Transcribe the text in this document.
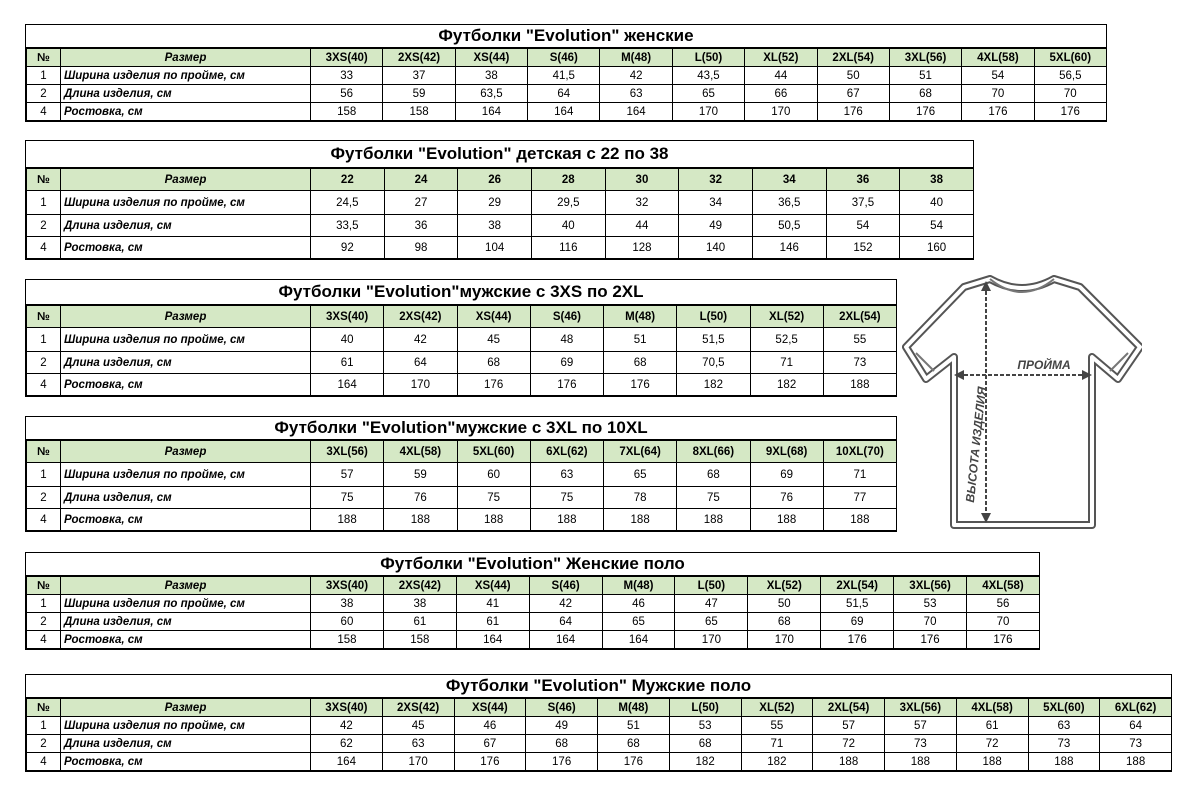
Футболки "Evolution" женские
№	Размер	3XS(40)	2XS(42)	XS(44)	S(46)	M(48)	L(50)	XL(52)	2XL(54)	3XL(56)	4XL(58)	5XL(60)
1	Ширина изделия по пройме, см	33	37	38	41,5	42	43,5	44	50	51	54	56,5
2	Длина изделия, см	56	59	63,5	64	63	65	66	67	68	70	70
4	Ростовка, см	158	158	164	164	164	170	170	176	176	176	176
Футболки "Evolution" детская с 22 по 38
№	Размер	22	24	26	28	30	32	34	36	38
1	Ширина изделия по пройме, см	24,5	27	29	29,5	32	34	36,5	37,5	40
2	Длина изделия, см	33,5	36	38	40	44	49	50,5	54	54
4	Ростовка, см	92	98	104	116	128	140	146	152	160
Футболки "Evolution"мужские с 3XS по 2XL
№	Размер	3XS(40)	2XS(42)	XS(44)	S(46)	M(48)	L(50)	XL(52)	2XL(54)
1	Ширина изделия по пройме, см	40	42	45	48	51	51,5	52,5	55
2	Длина изделия, см	61	64	68	69	68	70,5	71	73
4	Ростовка, см	164	170	176	176	176	182	182	188
Футболки "Evolution"мужские с 3XL по 10XL
№	Размер	3XL(56)	4XL(58)	5XL(60)	6XL(62)	7XL(64)	8XL(66)	9XL(68)	10XL(70)
1	Ширина изделия по пройме, см	57	59	60	63	65	68	69	71
2	Длина изделия, см	75	76	75	75	78	75	76	77
4	Ростовка, см	188	188	188	188	188	188	188	188
Футболки "Evolution" Женские поло
№	Размер	3XS(40)	2XS(42)	XS(44)	S(46)	M(48)	L(50)	XL(52)	2XL(54)	3XL(56)	4XL(58)
1	Ширина изделия по пройме, см	38	38	41	42	46	47	50	51,5	53	56
2	Длина изделия, см	60	61	61	64	65	65	68	69	70	70
4	Ростовка, см	158	158	164	164	164	170	170	176	176	176
Футболки "Evolution" Мужские поло
№	Размер	3XS(40)	2XS(42)	XS(44)	S(46)	M(48)	L(50)	XL(52)	2XL(54)	3XL(56)	4XL(58)	5XL(60)	6XL(62)
1	Ширина изделия по пройме, см	42	45	46	49	51	53	55	57	57	61	63	64
2	Длина изделия, см	62	63	67	68	68	68	71	72	73	72	73	73
4	Ростовка, см	164	170	176	176	176	182	182	188	188	188	188	188
ПРОЙМА
ВЫСОТА ИЗДЕЛИЯ
